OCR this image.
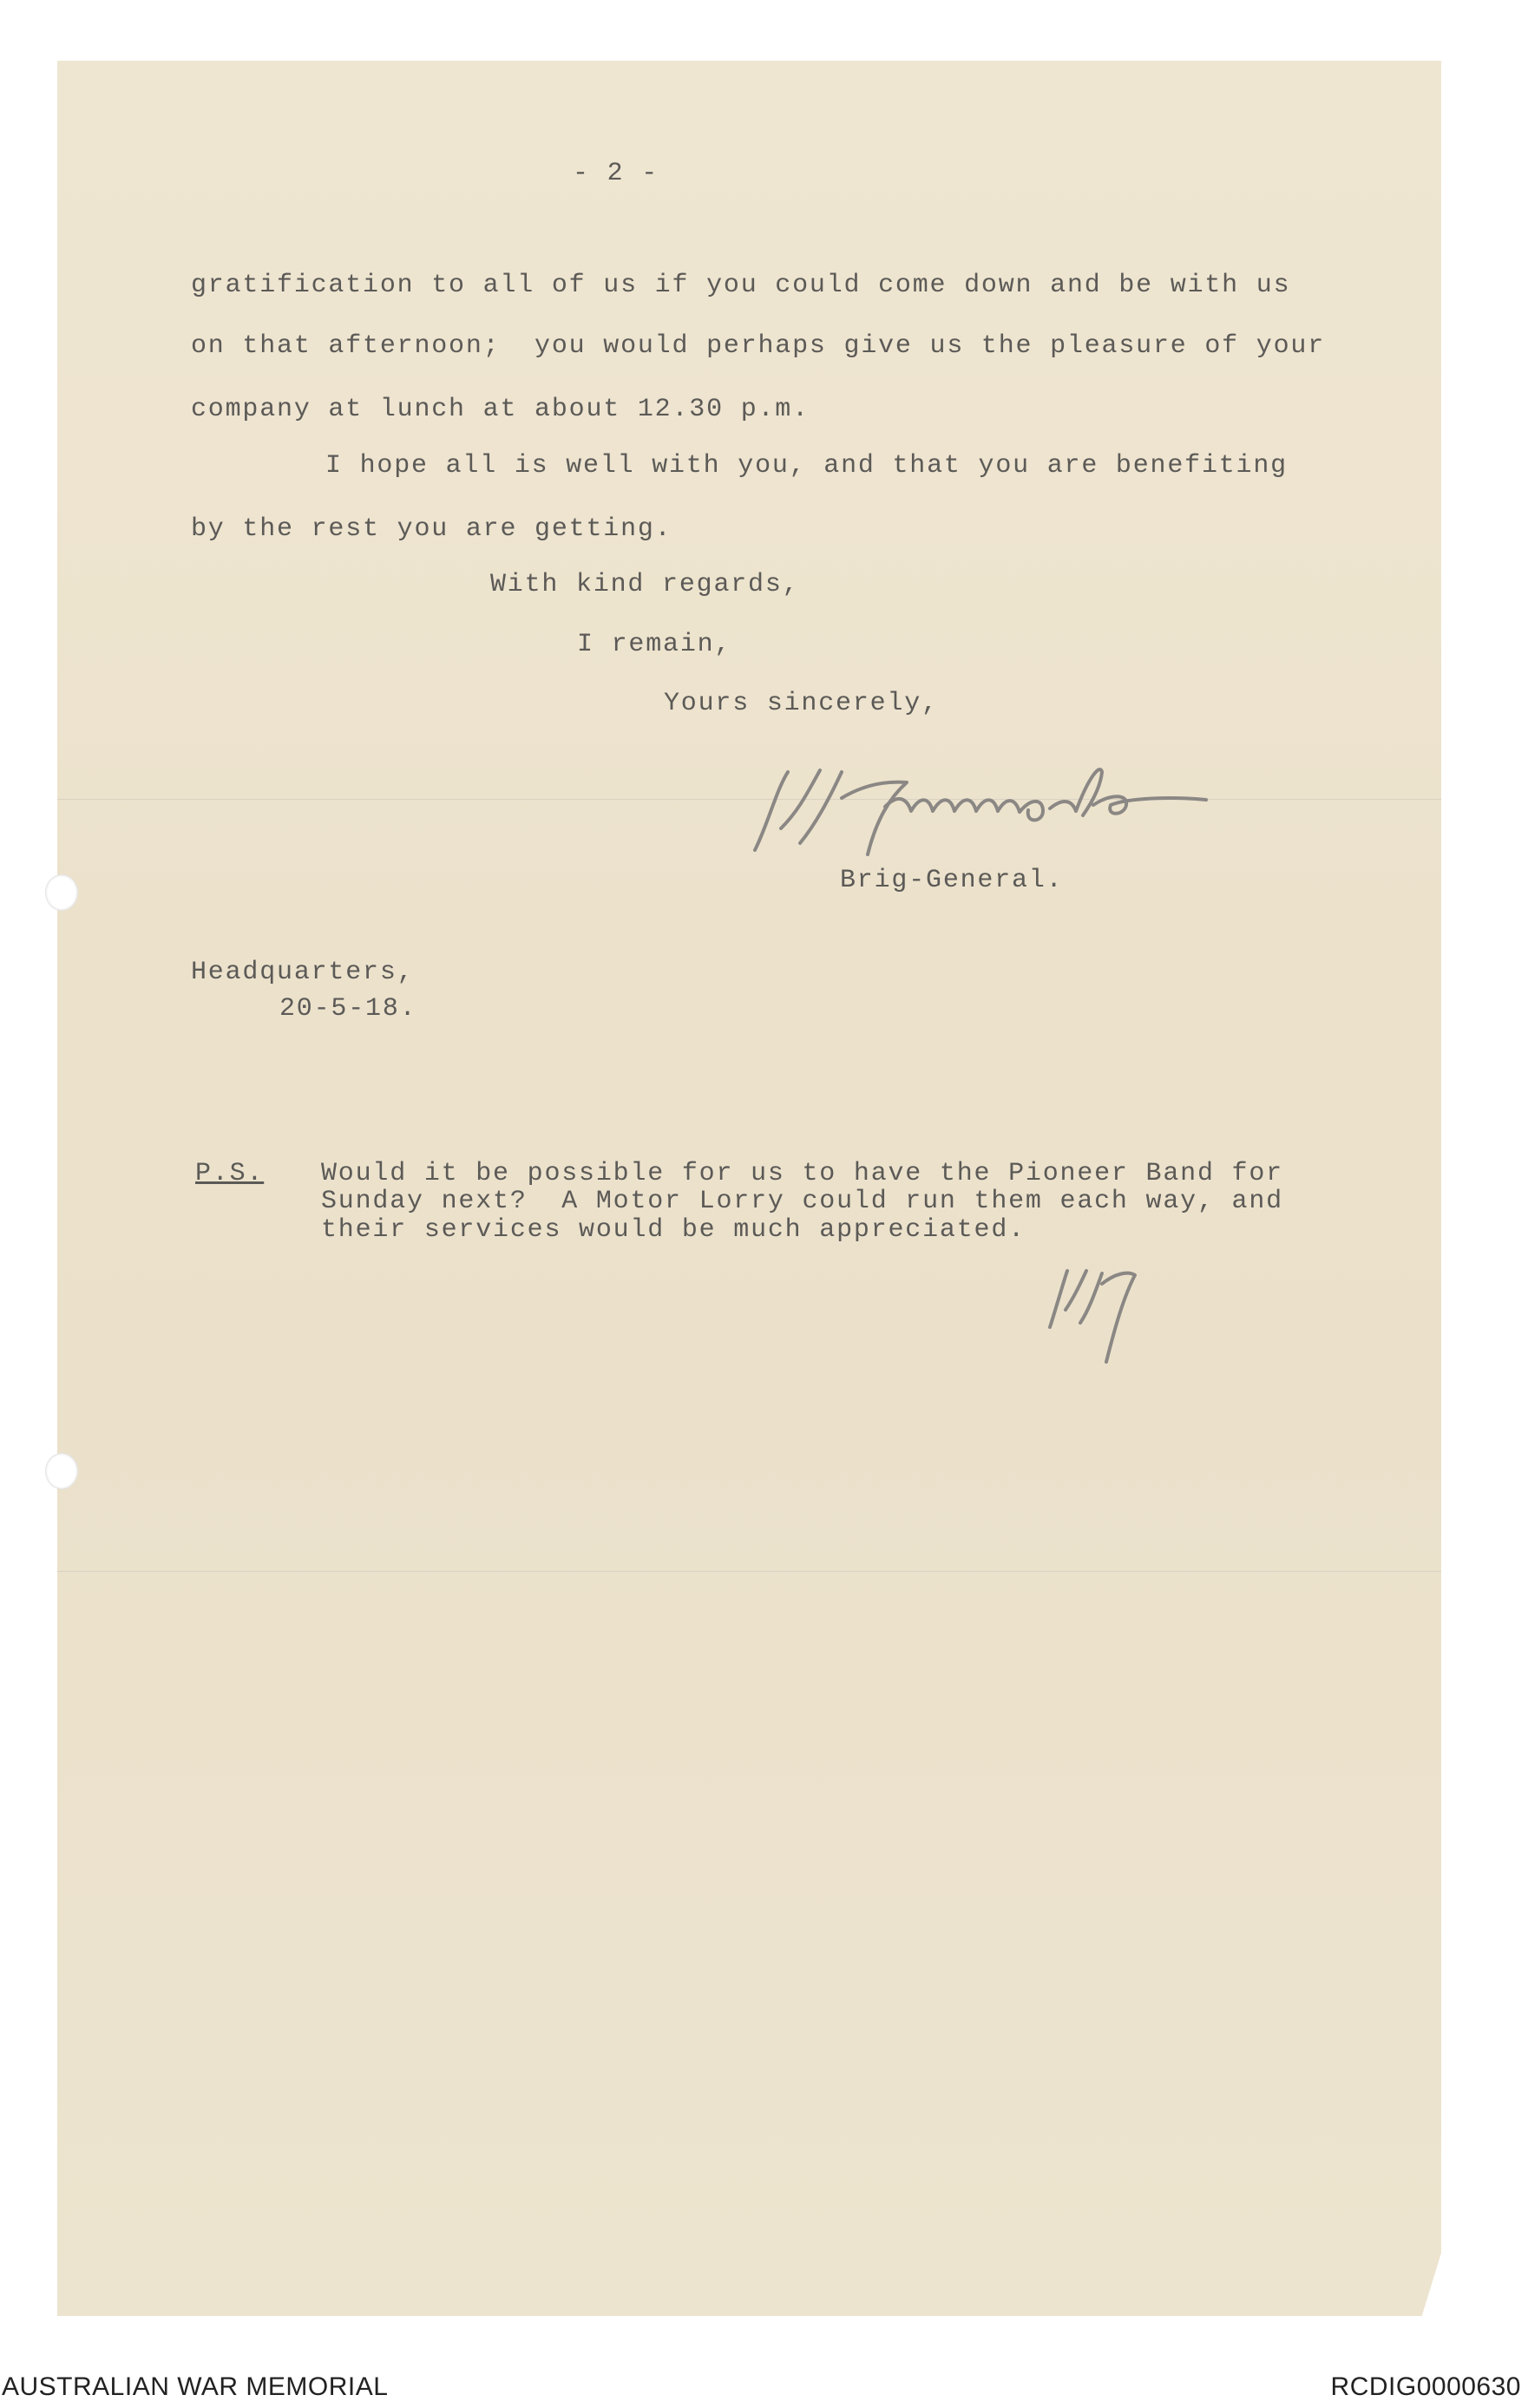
- 2 -
gratification to all of us if you could come down and be with us
on that afternoon;  you would perhaps give us the pleasure of your
company at lunch at about 12.30 p.m.
I hope all is well with you, and that you are benefiting
by the rest you are getting.
With kind regards,
I remain,
Yours sincerely,
Brig-General.
Headquarters,
20-5-18.
P.S. Would it be possible for us to have the Pioneer Band for
Sunday next?  A Motor Lorry could run them each way, and
their services would be much appreciated.
AUSTRALIAN WAR MEMORIAL	RCDIG0000630
